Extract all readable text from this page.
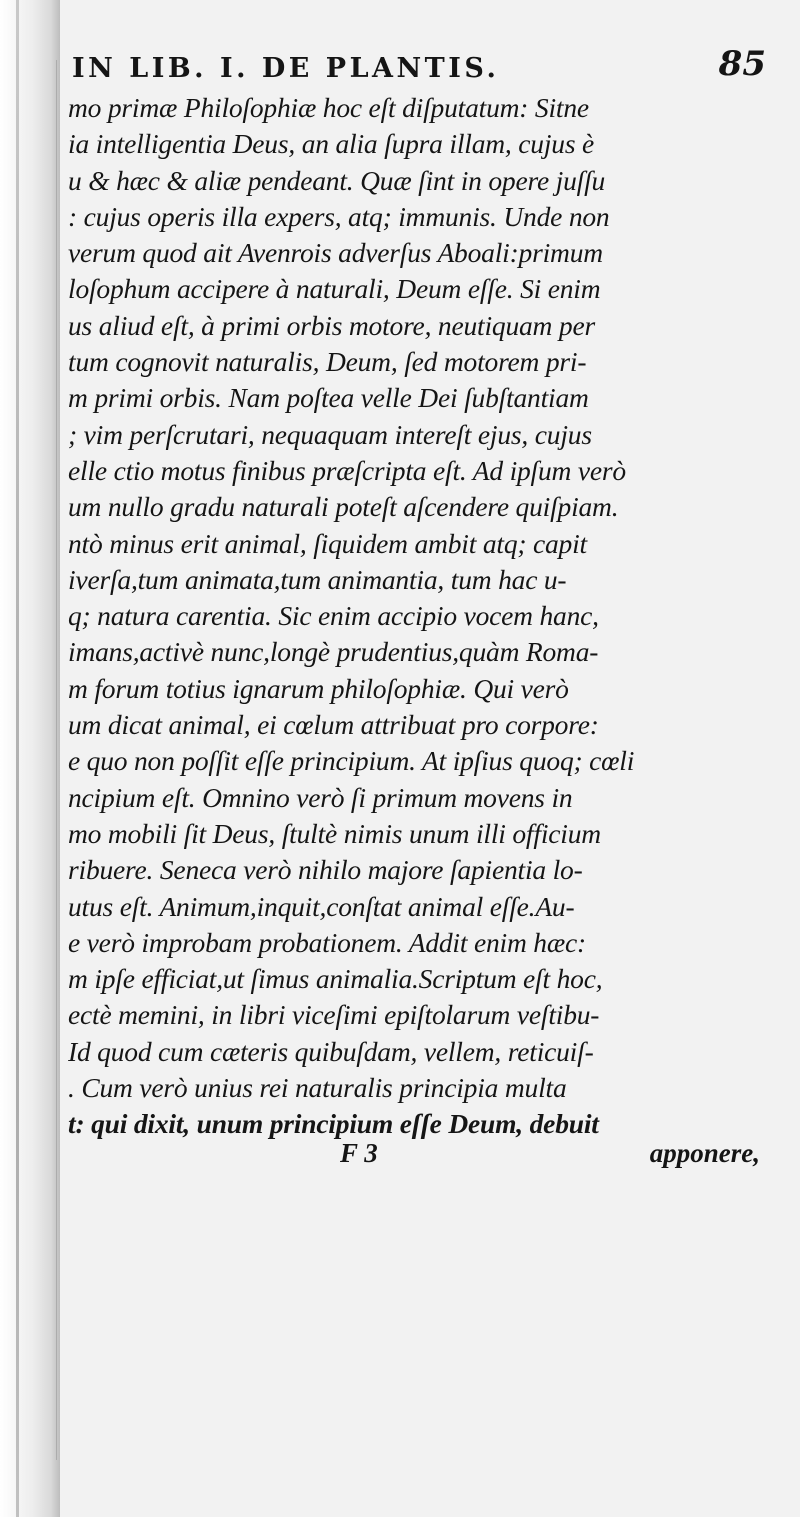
IN LIB. I. DE PLANTIS.	85
mo primæ Philoſophiæ hoc eſt diſputatum: Sitne
ia intelligentia Deus, an alia ſupra illam, cujus è
u & hæc & aliæ pendeant. Quæ ſint in opere juſſu
: cujus operis illa expers, atq; immunis. Unde non
verum quod ait Avenrois adverſus Aboali:primum
loſophum accipere à naturali, Deum eſſe. Si enim
us aliud eſt, à primi orbis motore, neutiquam per
tum cognovit naturalis, Deum, ſed motorem pri-
m primi orbis. Nam poſtea velle Dei ſubſtantiam
; vim perſcrutari, nequaquam intereſt ejus, cujus
elle ctio motus finibus præſcripta eſt. Ad ipſum verò
um nullo gradu naturali poteſt aſcendere quiſpiam.
ntò minus erit animal, ſiquidem ambit atq; capit
iverſa,tum animata,tum animantia, tum hac u-
q; natura carentia. Sic enim accipio vocem hanc,
imans,activè nunc,longè prudentius,quàm Roma-
m forum totius ignarum philoſophiæ. Qui verò
um dicat animal, ei cœlum attribuat pro corpore:
e quo non poſſit eſſe principium. At ipſius quoq; cœli
ncipium eſt. Omnino verò ſi primum movens in
mo mobili ſit Deus, ſtultè nimis unum illi officium
ribuere. Seneca verò nihilo majore ſapientia lo-
utus eſt. Animum,inquit,conſtat animal eſſe.Au-
e verò improbam probationem. Addit enim hæc:
m ipſe efficiat,ut ſimus animalia.Scriptum eſt hoc,
ectè memini, in libri viceſimi epiſtolarum veſtibu-
Id quod cum cæteris quibuſdam, vellem, reticuiſ-
. Cum verò unius rei naturalis principia multa
t: qui dixit, unum principium eſſe Deum, debuit
F 3	apponere,
